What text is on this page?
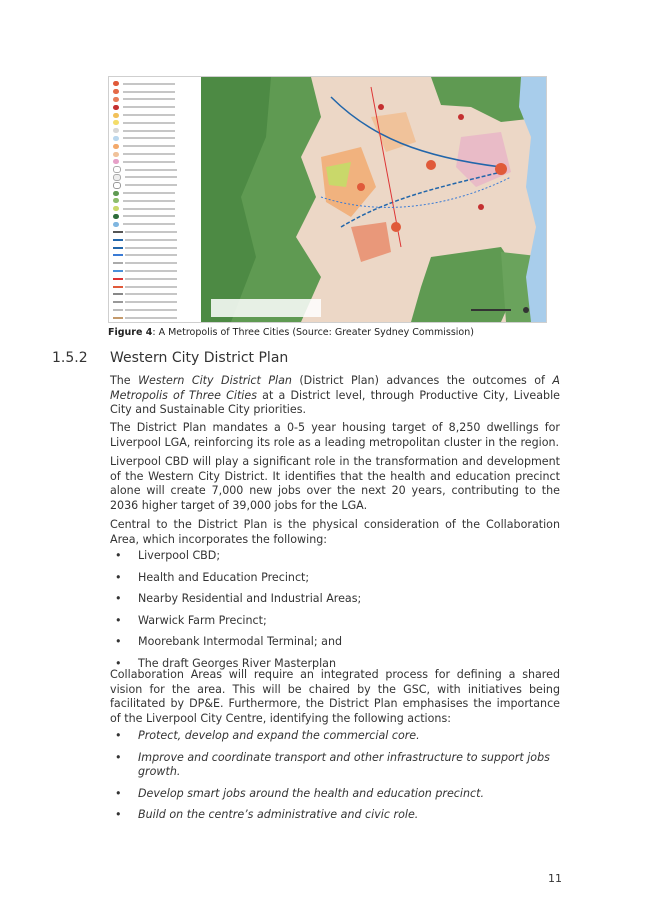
Figure 4: A Metropolis of Three Cities (Source: Greater Sydney Commission)
1.5.2 Western City District Plan

The Western City District Plan (District Plan) advances the outcomes of A Metropolis of Three Cities at a District level, through Productive City, Liveable City and Sustainable City priorities.

The District Plan mandates a 0-5 year housing target of 8,250 dwellings for Liverpool LGA, reinforcing its role as a leading metropolitan cluster in the region.

Liverpool CBD will play a significant role in the transformation and development of the Western City District. It identifies that the health and education precinct alone will create 7,000 new jobs over the next 20 years, contributing to the 2036 higher target of 39,000 jobs for the LGA.

Central to the District Plan is the physical consideration of the Collaboration Area, which incorporates the following:

• Liverpool CBD;
• Health and Education Precinct;
• Nearby Residential and Industrial Areas;
• Warwick Farm Precinct;
• Moorebank Intermodal Terminal; and
• The draft Georges River Masterplan

Collaboration Areas will require an integrated process for defining a shared vision for the area. This will be chaired by the GSC, with initiatives being facilitated by DP&E. Furthermore, the District Plan emphasises the importance of the Liverpool City Centre, identifying the following actions:

• Protect, develop and expand the commercial core.
• Improve and coordinate transport and other infrastructure to support jobs growth.
• Develop smart jobs around the health and education precinct.
• Build on the centre’s administrative and civic role.
11
